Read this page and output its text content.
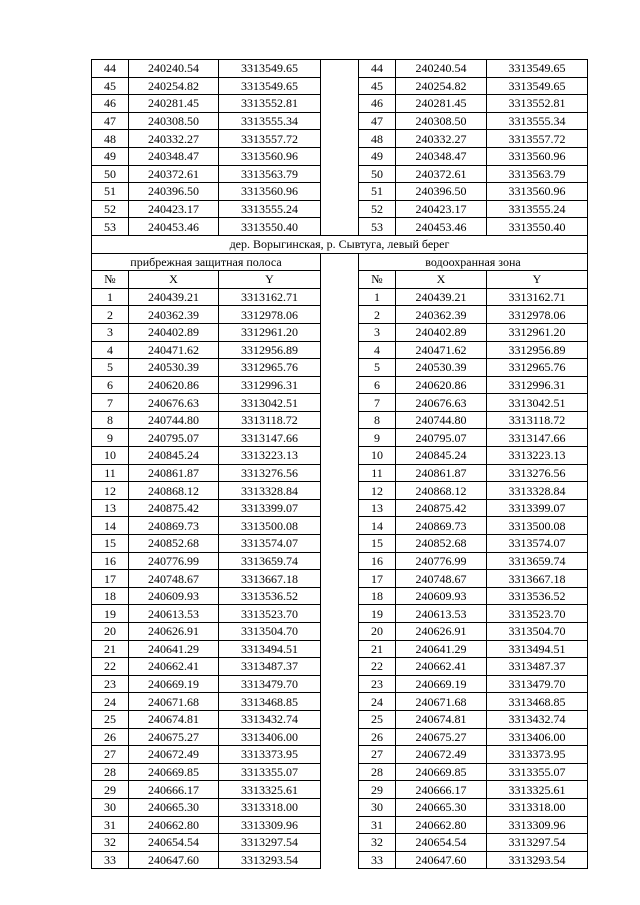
44	240240.54	3313549.65		44	240240.54	3313549.65
45	240254.82	3313549.65		45	240254.82	3313549.65
46	240281.45	3313552.81		46	240281.45	3313552.81
47	240308.50	3313555.34		47	240308.50	3313555.34
48	240332.27	3313557.72		48	240332.27	3313557.72
49	240348.47	3313560.96		49	240348.47	3313560.96
50	240372.61	3313563.79		50	240372.61	3313563.79
51	240396.50	3313560.96		51	240396.50	3313560.96
52	240423.17	3313555.24		52	240423.17	3313555.24
53	240453.46	3313550.40		53	240453.46	3313550.40
дер. Ворыгинская, р. Сывтуга, левый берег						
прибрежная защитная полоса				водоохранная зона		
№	X	Y		№	X	Y
1	240439.21	3313162.71		1	240439.21	3313162.71
2	240362.39	3312978.06		2	240362.39	3312978.06
3	240402.89	3312961.20		3	240402.89	3312961.20
4	240471.62	3312956.89		4	240471.62	3312956.89
5	240530.39	3312965.76		5	240530.39	3312965.76
6	240620.86	3312996.31		6	240620.86	3312996.31
7	240676.63	3313042.51		7	240676.63	3313042.51
8	240744.80	3313118.72		8	240744.80	3313118.72
9	240795.07	3313147.66		9	240795.07	3313147.66
10	240845.24	3313223.13		10	240845.24	3313223.13
11	240861.87	3313276.56		11	240861.87	3313276.56
12	240868.12	3313328.84		12	240868.12	3313328.84
13	240875.42	3313399.07		13	240875.42	3313399.07
14	240869.73	3313500.08		14	240869.73	3313500.08
15	240852.68	3313574.07		15	240852.68	3313574.07
16	240776.99	3313659.74		16	240776.99	3313659.74
17	240748.67	3313667.18		17	240748.67	3313667.18
18	240609.93	3313536.52		18	240609.93	3313536.52
19	240613.53	3313523.70		19	240613.53	3313523.70
20	240626.91	3313504.70		20	240626.91	3313504.70
21	240641.29	3313494.51		21	240641.29	3313494.51
22	240662.41	3313487.37		22	240662.41	3313487.37
23	240669.19	3313479.70		23	240669.19	3313479.70
24	240671.68	3313468.85		24	240671.68	3313468.85
25	240674.81	3313432.74		25	240674.81	3313432.74
26	240675.27	3313406.00		26	240675.27	3313406.00
27	240672.49	3313373.95		27	240672.49	3313373.95
28	240669.85	3313355.07		28	240669.85	3313355.07
29	240666.17	3313325.61		29	240666.17	3313325.61
30	240665.30	3313318.00		30	240665.30	3313318.00
31	240662.80	3313309.96		31	240662.80	3313309.96
32	240654.54	3313297.54		32	240654.54	3313297.54
33	240647.60	3313293.54		33	240647.60	3313293.54
